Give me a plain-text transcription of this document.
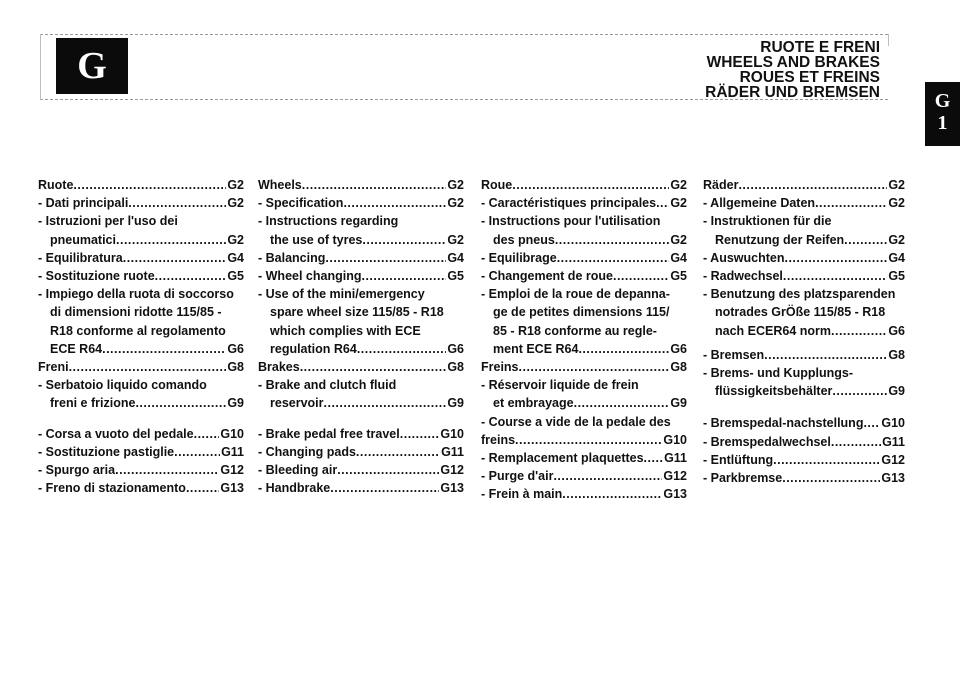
G	RUOTE E FRENI
WHEELS AND BRAKES
ROUES ET FREINS
RÄDER UND BREMSEN	G
1
Ruote .....	G2
- Dati principali .....	G2
- Istruzioni per l'uso dei
pneumatici .....	G2
- Equilibratura .....	G4
- Sostituzione ruote .....	G5
- Impiego della ruota di soccorso
di dimensioni ridotte 115/85 -
R18 conforme al regolamento
ECE R64 .....	G6
Freni .....	G8
- Serbatoio liquido comando
freni e frizione .....	G9
- Corsa a vuoto del pedale ..... G10
- Sostituzione pastiglie .....	G11
- Spurgo aria .....	G12
- Freno di stazionamento .....	G13
Wheels .....	G2
- Specification .....	G2
- Instructions regarding
the use of tyres .....	G2
- Balancing .....	G4
- Wheel changing .....	G5
- Use of the mini/emergency
spare wheel size 115/85 - R18
which complies with ECE
regulation R64 .....	G6
Brakes .....	G8
- Brake and clutch fluid
reservoir .....	G9
- Brake pedal free travel .....	G10
- Changing pads .....	G11
- Bleeding air .....	G12
- Handbrake .....	G13
Roue .....	G2
- Caractéristiques principales ..... G2
- Instructions pour l'utilisation
des pneus .....	G2
- Equilibrage .....	G4
- Changement de roue .....	G5
- Emploi de la roue de depanna-
ge de petites dimensions 115/
85 - R18 conforme au regle-
ment ECE R64 .....	G6
Freins .....	G8
- Réservoir liquide de frein
et embrayage .....	G9
- Course a vide de la pedale des
freins .....	G10
- Remplacement plaquettes ..... G11
- Purge d'air .....	G12
- Frein à main .....	G13
Räder .....	G2
- Allgemeine Daten .....	G2
- Instruktionen für die
Renutzung der Reifen .....	G2
- Auswuchten .....	G4
- Radwechsel .....	G5
- Benutzung des platzsparenden
notrades GrÖße 115/85 - R18
nach ECER64 norm .....	G6
- Bremsen .....	G8
- Brems- und Kupplungs-
flüssigkeitsbehälter .....	G9
- Bremspedal-nachstellung ..... G10
- Bremspedalwechsel .....	G11
- Entlüftung .....	G12
- Parkbremse .....	G13
